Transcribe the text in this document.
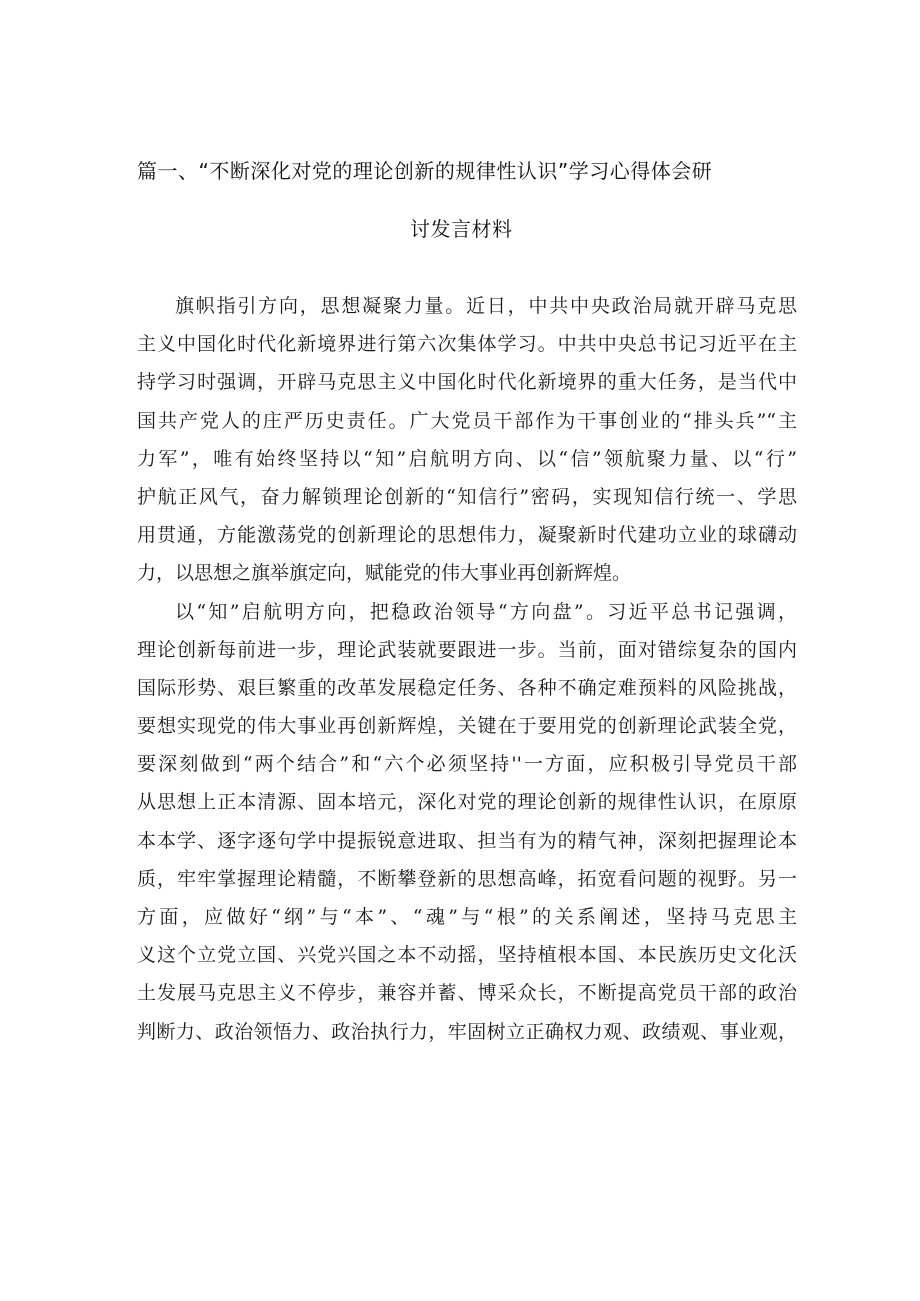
篇一、“不断深化对党的理论创新的规律性认识”学习心得体会研
讨发言材料
旗帜指引方向，思想凝聚力量。近日，中共中央政治局就开辟马克思
主义中国化时代化新境界进行第六次集体学习。中共中央总书记习近平在主
持学习时强调，开辟马克思主义中国化时代化新境界的重大任务，是当代中
国共产党人的庄严历史责任。广大党员干部作为干事创业的“排头兵”“主
力军”，唯有始终坚持以“知”启航明方向、以“信”领航聚力量、以“行”
护航正风气，奋力解锁理论创新的“知信行”密码，实现知信行统一、学思
用贯通，方能激荡党的创新理论的思想伟力，凝聚新时代建功立业的球礴动
力，以思想之旗举旗定向，赋能党的伟大事业再创新辉煌。
以“知”启航明方向，把稳政治领导“方向盘”。习近平总书记强调，
理论创新每前进一步，理论武装就要跟进一步。当前，面对错综复杂的国内
国际形势、艰巨繁重的改革发展稳定任务、各种不确定难预料的风险挑战，
要想实现党的伟大事业再创新辉煌，关键在于要用党的创新理论武装全党，
要深刻做到“两个结合”和“六个必须坚持''一方面，应积极引导党员干部
从思想上正本清源、固本培元，深化对党的理论创新的规律性认识，在原原
本本学、逐字逐句学中提振锐意进取、担当有为的精气神，深刻把握理论本
质，牢牢掌握理论精髓，不断攀登新的思想高峰，拓宽看问题的视野。另一
方面，应做好“纲”与“本”、“魂”与“根”的关系阐述，坚持马克思主
义这个立党立国、兴党兴国之本不动摇，坚持植根本国、本民族历史文化沃
土发展马克思主义不停步，兼容并蓄、博采众长，不断提高党员干部的政治
判断力、政治领悟力、政治执行力，牢固树立正确权力观、政绩观、事业观，
